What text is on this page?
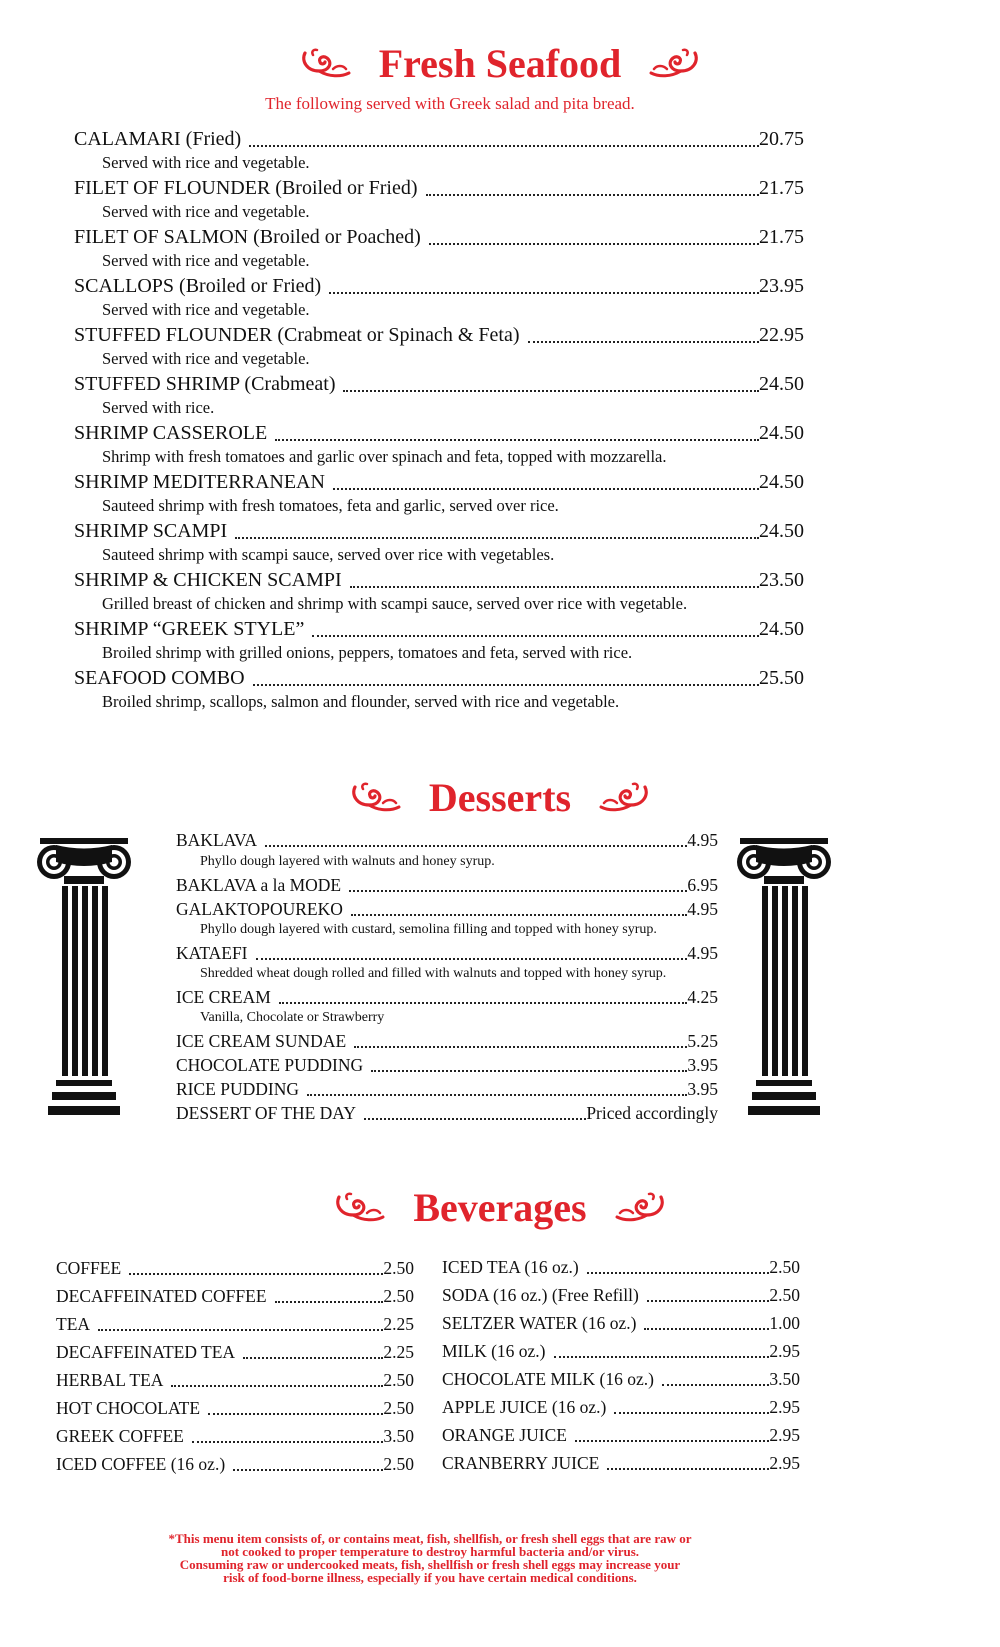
Fresh Seafood
The following served with Greek salad and pita bread.
CALAMARI (Fried)	20.75
Served with rice and vegetable.
FILET OF FLOUNDER (Broiled or Fried)	21.75
Served with rice and vegetable.
FILET OF SALMON (Broiled or Poached)	21.75
Served with rice and vegetable.
SCALLOPS (Broiled or Fried)	23.95
Served with rice and vegetable.
STUFFED FLOUNDER (Crabmeat or Spinach & Feta)	22.95
Served with rice and vegetable.
STUFFED SHRIMP (Crabmeat)	24.50
Served with rice.
SHRIMP CASSEROLE	24.50
Shrimp with fresh tomatoes and garlic over spinach and feta, topped with mozzarella.
SHRIMP MEDITERRANEAN	24.50
Sauteed shrimp with fresh tomatoes, feta and garlic, served over rice.
SHRIMP SCAMPI	24.50
Sauteed shrimp with scampi sauce, served over rice with vegetables.
SHRIMP & CHICKEN SCAMPI	23.50
Grilled breast of chicken and shrimp with scampi sauce, served over rice with vegetable.
SHRIMP “GREEK STYLE”	24.50
Broiled shrimp with grilled onions, peppers, tomatoes and feta, served with rice.
SEAFOOD COMBO	25.50
Broiled shrimp, scallops, salmon and flounder, served with rice and vegetable.
Desserts
BAKLAVA	4.95
Phyllo dough layered with walnuts and honey syrup.
BAKLAVA a la MODE	6.95
GALAKTOPOUREKO	4.95
Phyllo dough layered with custard, semolina filling and topped with honey syrup.
KATAEFI	4.95
Shredded wheat dough rolled and filled with walnuts and topped with honey syrup.
ICE CREAM	4.25
Vanilla, Chocolate or Strawberry
ICE CREAM SUNDAE	5.25
CHOCOLATE PUDDING	3.95
RICE PUDDING	3.95
DESSERT OF THE DAY	Priced accordingly
Beverages
COFFEE	2.50
DECAFFEINATED COFFEE	2.50
TEA	2.25
DECAFFEINATED TEA	2.25
HERBAL TEA	2.50
HOT CHOCOLATE	2.50
GREEK COFFEE	3.50
ICED COFFEE (16 oz.)	2.50
ICED TEA (16 oz.)	2.50
SODA (16 oz.) (Free Refill)	2.50
SELTZER WATER (16 oz.)	1.00
MILK (16 oz.)	2.95
CHOCOLATE MILK (16 oz.)	3.50
APPLE JUICE (16 oz.)	2.95
ORANGE JUICE	2.95
CRANBERRY JUICE	2.95
*This menu item consists of, or contains meat, fish, shellfish, or fresh shell eggs that are raw or
not cooked to proper temperature to destroy harmful bacteria and/or virus.
Consuming raw or undercooked meats, fish, shellfish or fresh shell eggs may increase your
risk of food-borne illness, especially if you have certain medical conditions.
